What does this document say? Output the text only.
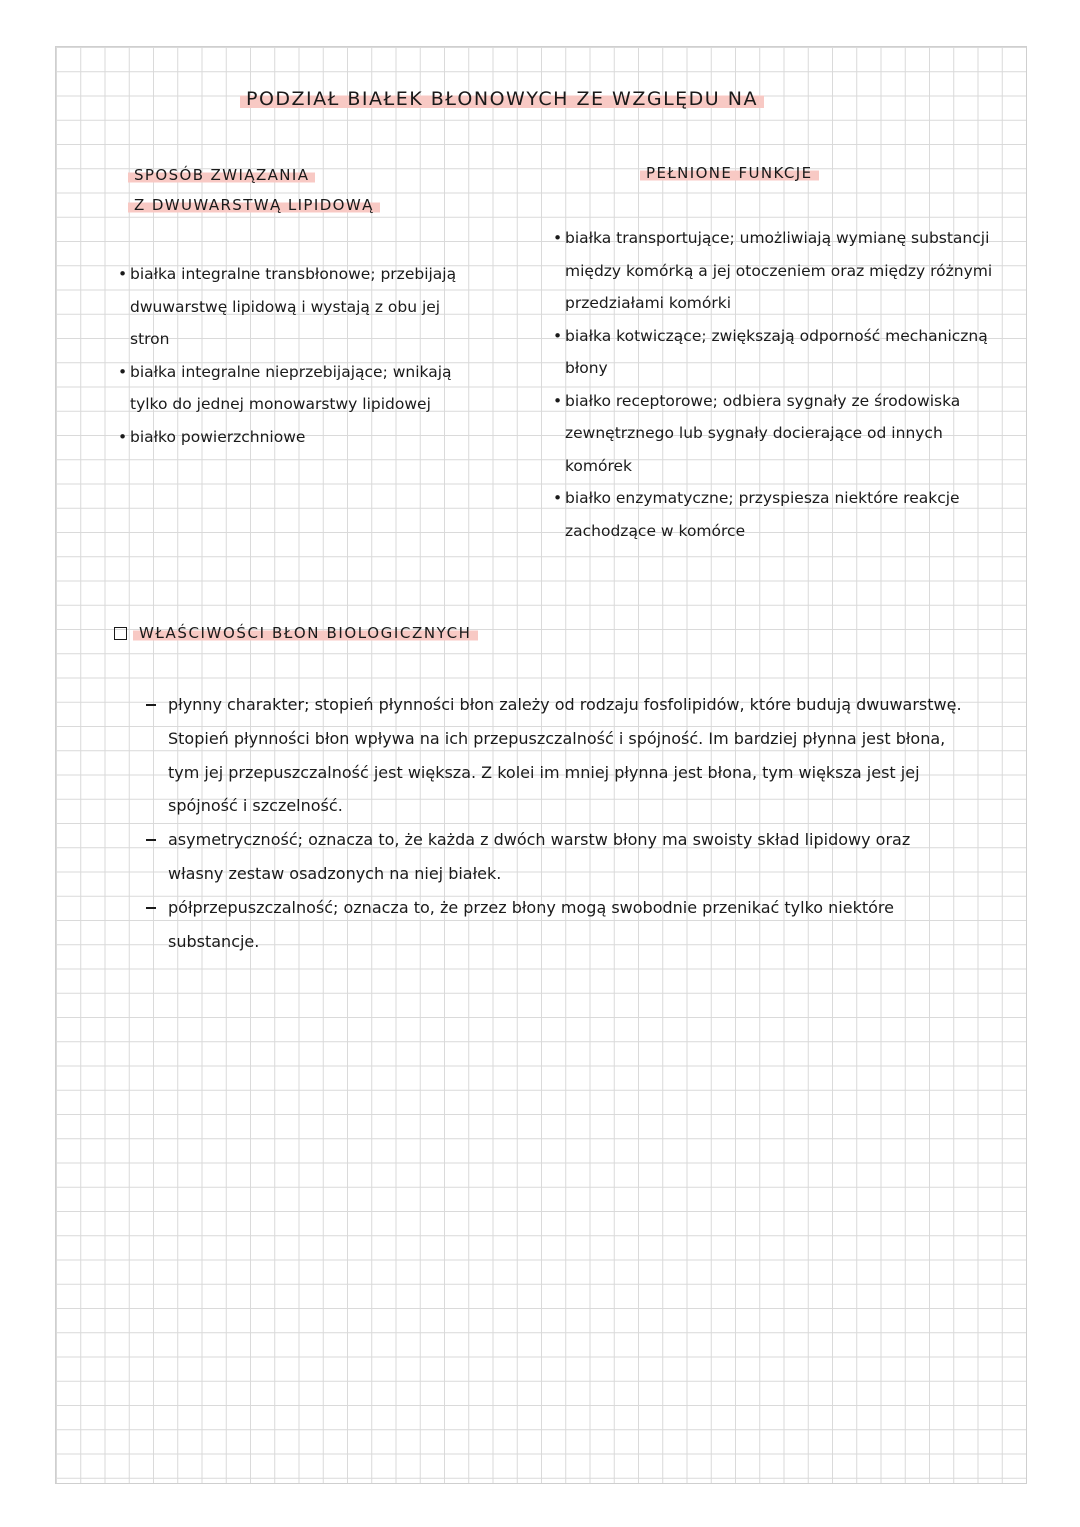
PODZIAŁ BIAŁEK BŁONOWYCH ZE WZGLĘDU NA
SPOSÓB ZWIĄZANIA
Z DWUWARSTWĄ LIPIDOWĄ
PEŁNIONE FUNKCJE
• białka integralne transbłonowe; przebijają dwuwarstwę lipidową i wystają z obu jej stron
• białka integralne nieprzebijające; wnikają tylko do jednej monowarstwy lipidowej
• białko powierzchniowe
• białka transportujące; umożliwiają wymianę substancji między komórką a jej otoczeniem oraz między różnymi przedziałami komórki
• białka kotwiczące; zwiększają odporność mechaniczną błony
• białko receptorowe; odbiera sygnały ze środowiska zewnętrznego lub sygnały docierające od innych komórek
• białko enzymatyczne; przyspiesza niektóre reakcje zachodzące w komórce
WŁAŚCIWOŚCI BŁON BIOLOGICZNYCH
płynny charakter; stopień płynności błon zależy od rodzaju fosfolipidów, które budują dwuwarstwę. Stopień płynności błon wpływa na ich przepuszczalność i spójność. Im bardziej płynna jest błona, tym jej przepuszczalność jest większa. Z kolei im mniej płynna jest błona, tym większa jest jej spójność i szczelność.
asymetryczność; oznacza to, że każda z dwóch warstw błony ma swoisty skład lipidowy oraz własny zestaw osadzonych na niej białek.
półprzepuszczalność; oznacza to, że przez błony mogą swobodnie przenikać tylko niektóre substancje.
